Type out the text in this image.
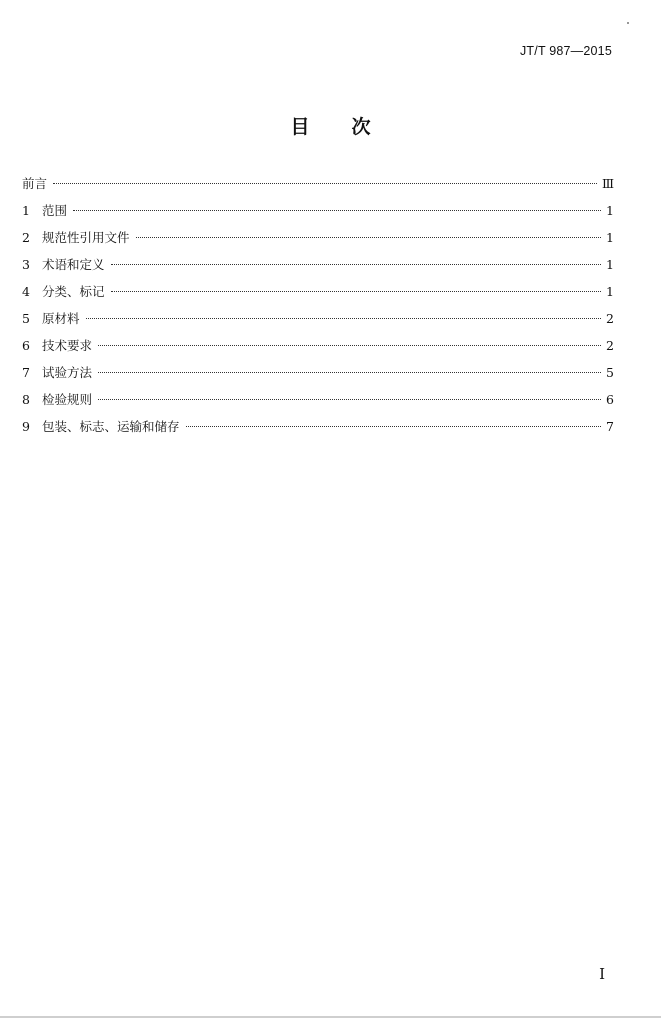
JT/T 987—2015
目 次
前言	Ⅲ
1 范围	1
2 规范性引用文件	1
3 术语和定义	1
4 分类、标记	1
5 原材料	2
6 技术要求	2
7 试验方法	5
8 检验规则	6
9 包装、标志、运输和储存	7
I
